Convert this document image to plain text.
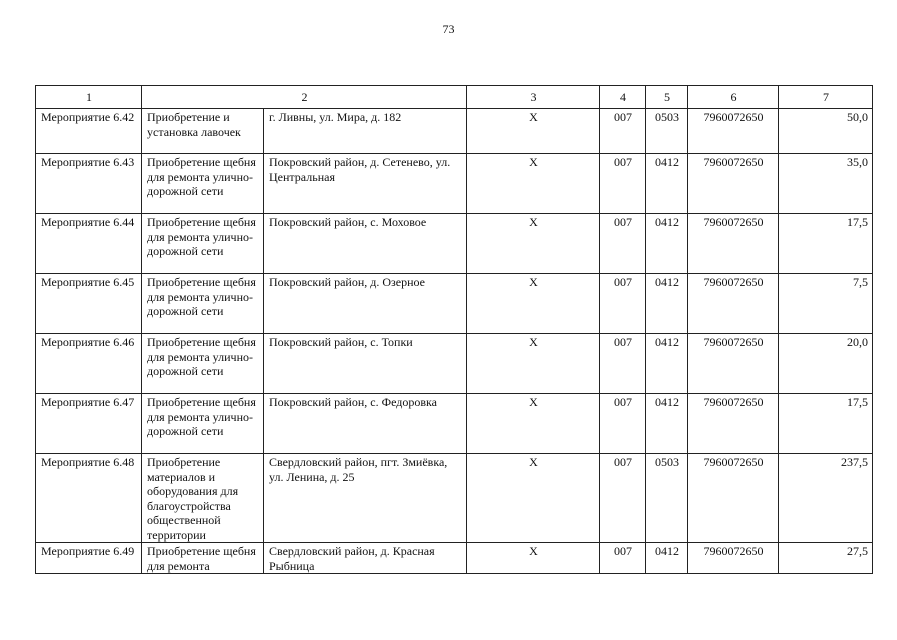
73
1	2		3	4	5	6	7
Мероприятие 6.42	Приобретение и установка лавочек	г. Ливны, ул. Мира, д. 182	Х	007	0503	7960072650	50,0
Мероприятие 6.43	Приобретение щебня для ремонта улично-дорожной сети	Покровский район, д. Сетенево, ул. Центральная	Х	007	0412	7960072650	35,0
Мероприятие 6.44	Приобретение щебня для ремонта улично-дорожной сети	Покровский район, с. Моховое	Х	007	0412	7960072650	17,5
Мероприятие 6.45	Приобретение щебня для ремонта улично-дорожной сети	Покровский район, д. Озерное	Х	007	0412	7960072650	7,5
Мероприятие 6.46	Приобретение щебня для ремонта улично-дорожной сети	Покровский район, с. Топки	Х	007	0412	7960072650	20,0
Мероприятие 6.47	Приобретение щебня для ремонта улично-дорожной сети	Покровский район, с. Федоровка	Х	007	0412	7960072650	17,5
Мероприятие 6.48	Приобретение материалов и оборудования для благоустройства общественной территории	Свердловский район, пгт. Змиёвка, ул. Ленина, д. 25	Х	007	0503	7960072650	237,5
Мероприятие 6.49	Приобретение щебня для ремонта	Свердловский район, д. Красная Рыбница	Х	007	0412	7960072650	27,5
